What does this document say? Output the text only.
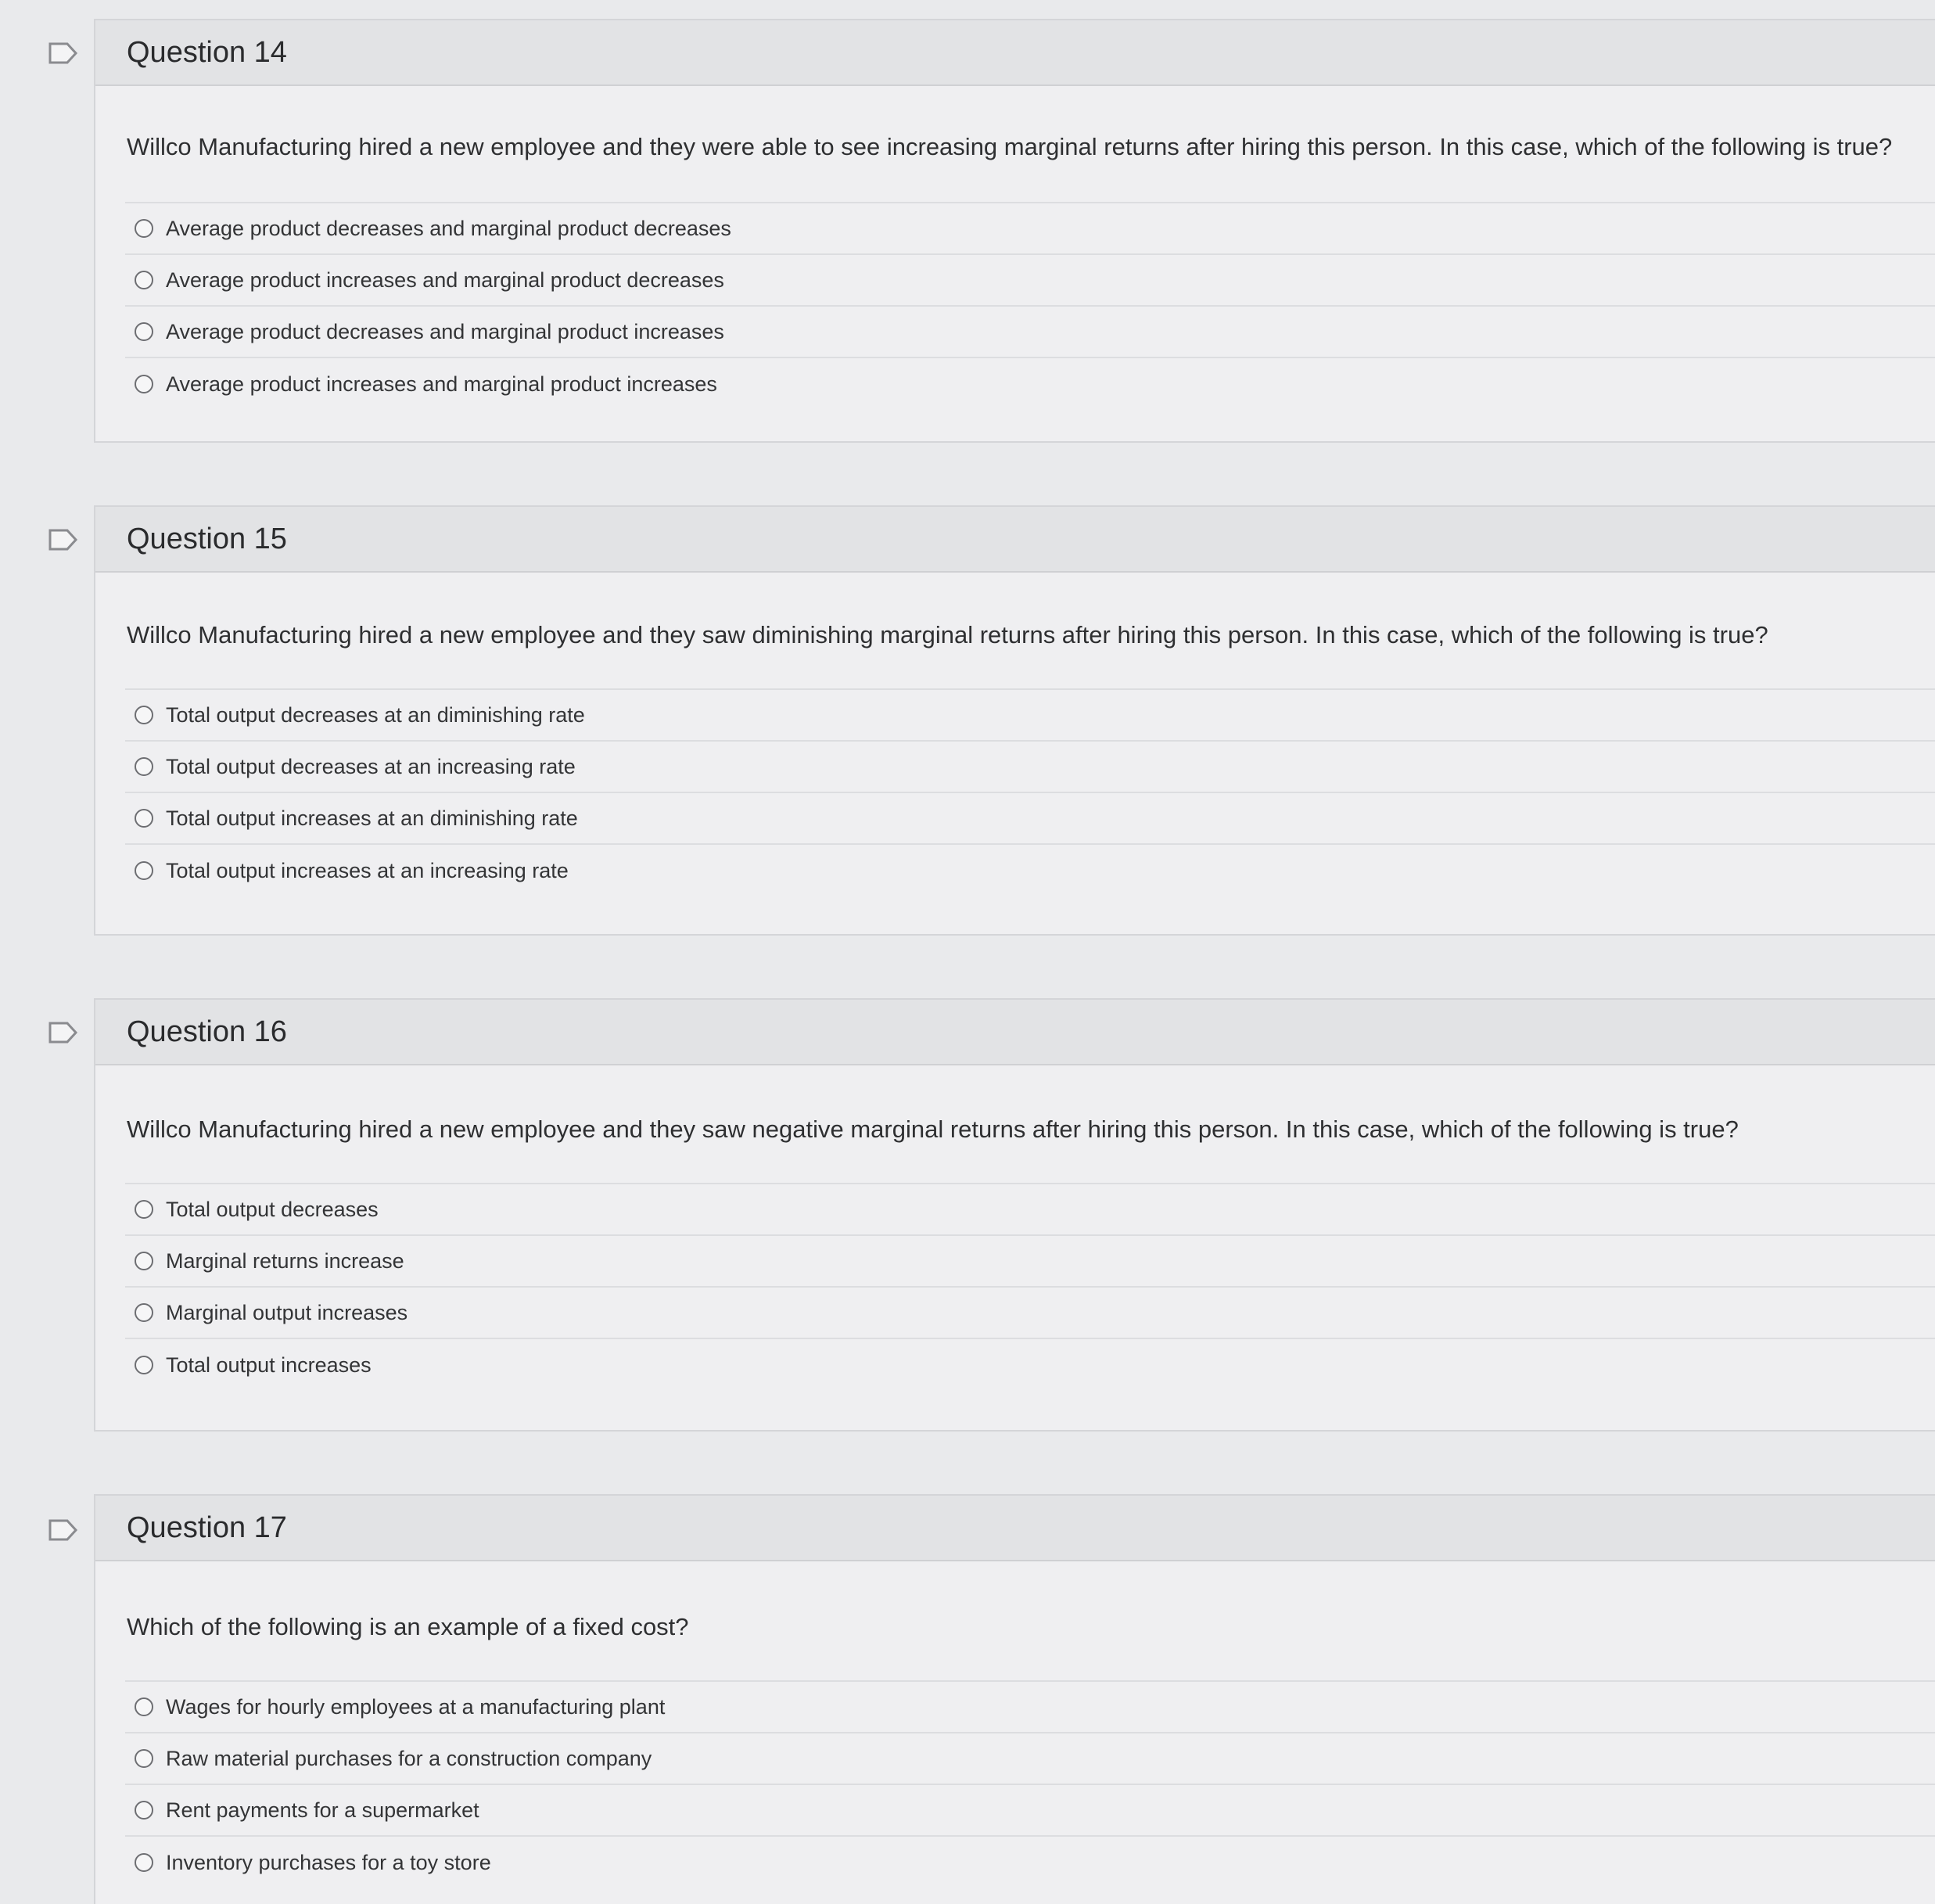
Question 14
Willco Manufacturing hired a new employee and they were able to see increasing marginal returns after hiring this person. In this case, which of the following is true?
Average product decreases and marginal product decreases
Average product increases and marginal product decreases
Average product decreases and marginal product increases
Average product increases and marginal product increases
Question 15
Willco Manufacturing hired a new employee and they saw diminishing marginal returns after hiring this person. In this case, which of the following is true?
Total output decreases at an diminishing rate
Total output decreases at an increasing rate
Total output increases at an diminishing rate
Total output increases at an increasing rate
Question 16
Willco Manufacturing hired a new employee and they saw negative marginal returns after hiring this person. In this case, which of the following is true?
Total output decreases
Marginal returns increase
Marginal output increases
Total output increases
Question 17
Which of the following is an example of a fixed cost?
Wages for hourly employees at a manufacturing plant
Raw material purchases for a construction company
Rent payments for a supermarket
Inventory purchases for a toy store
